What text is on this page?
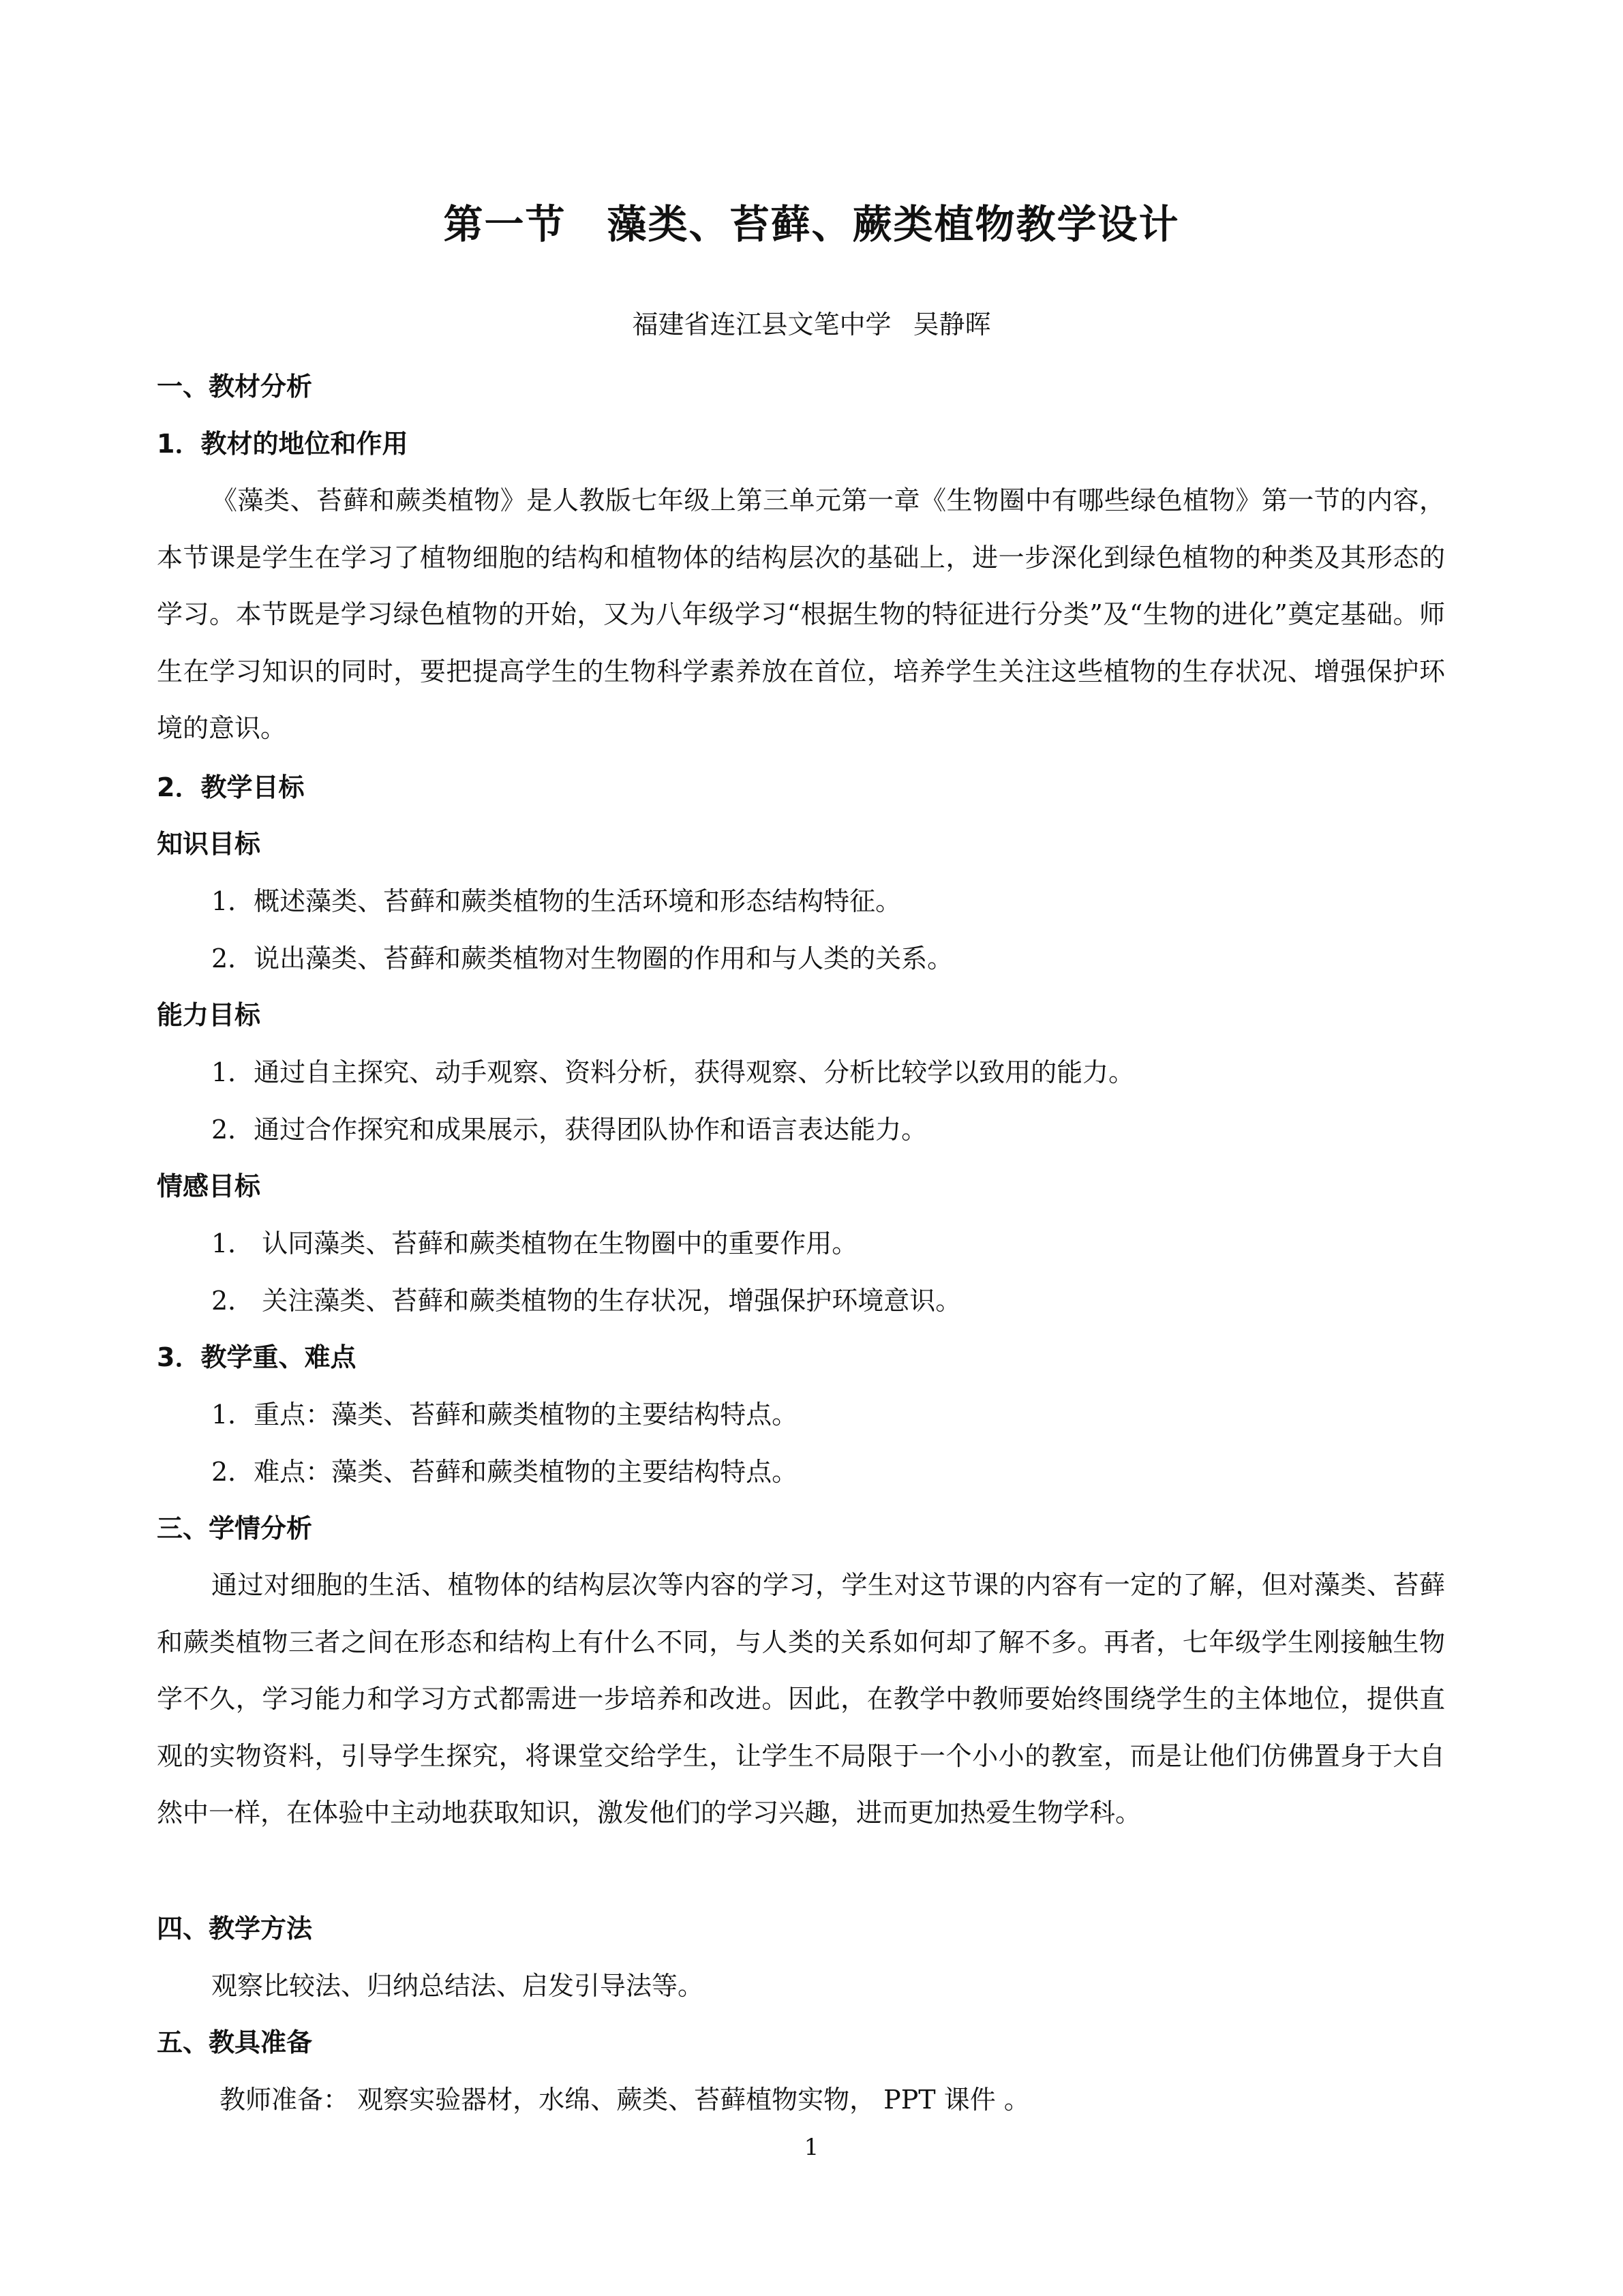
第一节　藻类、苔藓、蕨类植物教学设计
福建省连江县文笔中学 吴静晖
一、教材分析
1．教材的地位和作用
《藻类、苔藓和蕨类植物》是人教版七年级上第三单元第一章《生物圈中有哪些绿色植物》第一节的内容，本节课是学生在学习了植物细胞的结构和植物体的结构层次的基础上，进一步深化到绿色植物的种类及其形态的学习。本节既是学习绿色植物的开始，又为八年级学习“根据生物的特征进行分类”及“生物的进化”奠定基础。师生在学习知识的同时，要把提高学生的生物科学素养放在首位，培养学生关注这些植物的生存状况、增强保护环境的意识。
2．教学目标
知识目标
1．概述藻类、苔藓和蕨类植物的生活环境和形态结构特征。
2．说出藻类、苔藓和蕨类植物对生物圈的作用和与人类的关系。
能力目标
1．通过自主探究、动手观察、资料分析，获得观察、分析比较学以致用的能力。
2．通过合作探究和成果展示，获得团队协作和语言表达能力。
情感目标
1． 认同藻类、苔藓和蕨类植物在生物圈中的重要作用。
2． 关注藻类、苔藓和蕨类植物的生存状况，增强保护环境意识。
3．教学重、难点
1．重点：藻类、苔藓和蕨类植物的主要结构特点。
2．难点：藻类、苔藓和蕨类植物的主要结构特点。
三、学情分析
通过对细胞的生活、植物体的结构层次等内容的学习，学生对这节课的内容有一定的了解，但对藻类、苔藓和蕨类植物三者之间在形态和结构上有什么不同，与人类的关系如何却了解不多。再者，七年级学生刚接触生物学不久，学习能力和学习方式都需进一步培养和改进。因此，在教学中教师要始终围绕学生的主体地位，提供直观的实物资料，引导学生探究，将课堂交给学生，让学生不局限于一个小小的教室，而是让他们仿佛置身于大自然中一样，在体验中主动地获取知识，激发他们的学习兴趣，进而更加热爱生物学科。
四、教学方法
观察比较法、归纳总结法、启发引导法等。
五、教具准备
教师准备： 观察实验器材，水绵、蕨类、苔藓植物实物， PPT 课件 。
1
